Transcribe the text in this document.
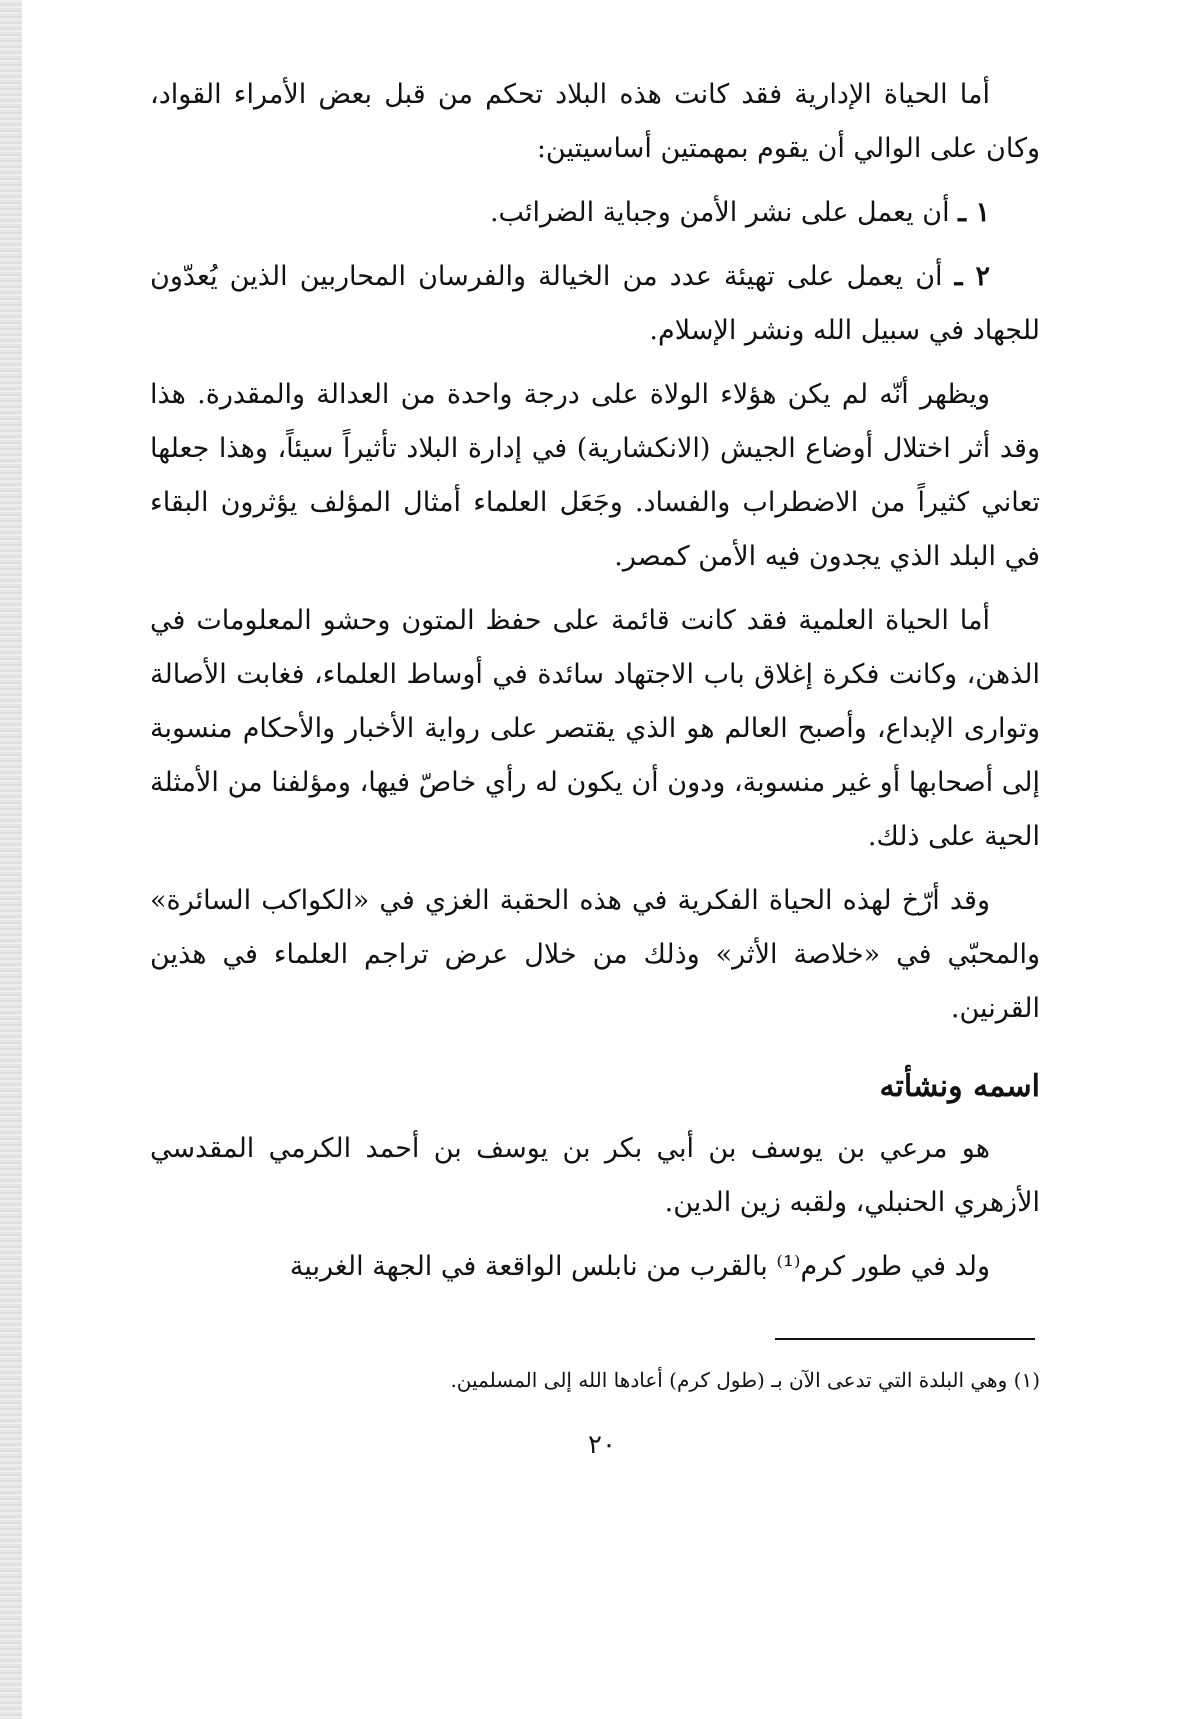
أما الحياة الإدارية فقد كانت هذه البلاد تحكم من قبل بعض الأمراء القواد، وكان على الوالي أن يقوم بمهمتين أساسيتين:

١ ـ أن يعمل على نشر الأمن وجباية الضرائب.

٢ ـ أن يعمل على تهيئة عدد من الخيالة والفرسان المحاربين الذين يُعدّون للجهاد في سبيل الله ونشر الإسلام.

ويظهر أنّه لم يكن هؤلاء الولاة على درجة واحدة من العدالة والمقدرة. هذا وقد أثر اختلال أوضاع الجيش (الانكشارية) في إدارة البلاد تأثيراً سيئاً، وهذا جعلها تعاني كثيراً من الاضطراب والفساد. وجَعَل العلماء أمثال المؤلف يؤثرون البقاء في البلد الذي يجدون فيه الأمن كمصر.

أما الحياة العلمية فقد كانت قائمة على حفظ المتون وحشو المعلومات في الذهن، وكانت فكرة إغلاق باب الاجتهاد سائدة في أوساط العلماء، فغابت الأصالة وتوارى الإبداع، وأصبح العالم هو الذي يقتصر على رواية الأخبار والأحكام منسوبة إلى أصحابها أو غير منسوبة، ودون أن يكون له رأي خاصّ فيها، ومؤلفنا من الأمثلة الحية على ذلك.

وقد أرّخ لهذه الحياة الفكرية في هذه الحقبة الغزي في «الكواكب السائرة» والمحبّي في «خلاصة الأثر» وذلك من خلال عرض تراجم العلماء في هذين القرنين.

اسمه ونشأته

هو مرعي بن يوسف بن أبي بكر بن يوسف بن أحمد الكرمي المقدسي الأزهري الحنبلي، ولقبه زين الدين.

ولد في طور كرم⁽¹⁾ بالقرب من نابلس الواقعة في الجهة الغربية

(١) وهي البلدة التي تدعى الآن بـ (طول كرم) أعادها الله إلى المسلمين.
٢٠
